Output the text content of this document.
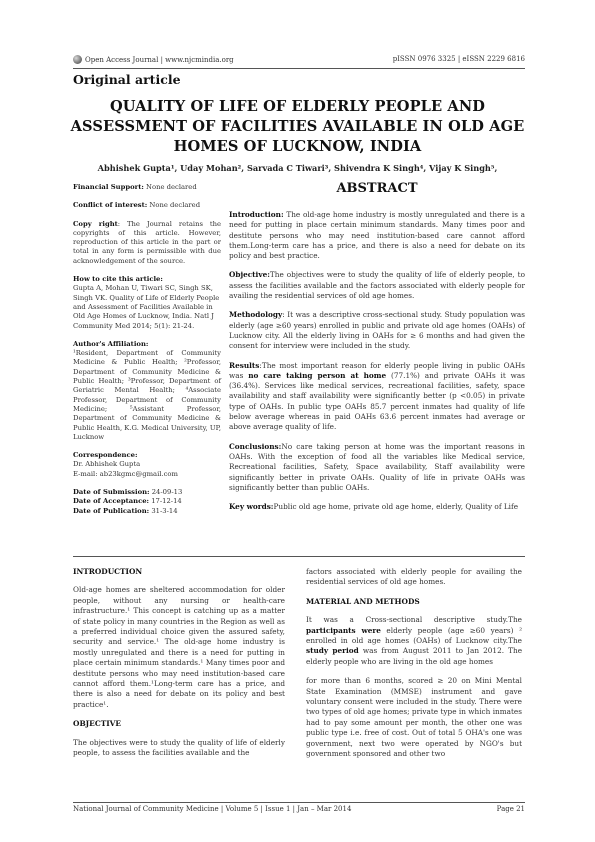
Open Access Journal | www.njcmindia.org	pISSN 0976 3325 | eISSN 2229 6816
Original article
QUALITY OF LIFE OF ELDERLY PEOPLE AND ASSESSMENT OF FACILITIES AVAILABLE IN OLD AGE HOMES OF LUCKNOW, INDIA
Abhishek Gupta¹, Uday Mohan², Sarvada C Tiwari³, Shivendra K Singh⁴, Vijay K Singh⁵,

Financial Support: None declared

Conflict of interest: None declared

Copy right: The Journal retains the copyrights of this article. However, reproduction of this article in the part or total in any form is permissible with due acknowledgement of the source.

How to cite this article:

Gupta A, Mohan U, Tiwari SC, Singh SK, Singh VK. Quality of Life of Elderly People and Assessment of Facilities Available in Old Age Homes of Lucknow, India. Natl J Community Med 2014; 5(1): 21-24.

Author's Affiliation:

¹Resident, Department of Community Medicine & Public Health; ²Professor, Department of Community Medicine & Public Health; ³Professor, Department of Geriatric Mental Health; ⁴Associate Professor, Department of Community Medicine; ⁵Assistant Professor, Department of Community Medicine & Public Health, K.G. Medical University, UP, Lucknow

Correspondence:

Dr. Abhishek Gupta

E-mail: ab23kgmc@gmail.com

Date of Submission: 24-09-13

Date of Acceptance: 17-12-14

Date of Publication: 31-3-14

ABSTRACT

Introduction: The old-age home industry is mostly unregulated and there is a need for putting in place certain minimum standards. Many times poor and destitute persons who may need institution-based care cannot afford them.Long-term care has a price, and there is also a need for debate on its policy and best practice.

Objective:The objectives were to study the quality of life of elderly people, to assess the facilities available and the factors associated with elderly people for availing the residential services of old age homes.

Methodology: It was a descriptive cross-sectional study. Study population was elderly (age ≥60 years) enrolled in public and private old age homes (OAHs) of Lucknow city. All the elderly living in OAHs for ≥ 6 months and had given the consent for interview were included in the study.

Results:The most important reason for elderly people living in public OAHs was no care taking person at home (77.1%) and private OAHs it was (36.4%). Services like medical services, recreational facilities, safety, space availability and staff availability were significantly better (p <0.05) in private type of OAHs. In public type OAHs 85.7 percent inmates had quality of life below average whereas in paid OAHs 63.6 percent inmates had average or above average quality of life.

Conclusions:No care taking person at home was the important reasons in OAHs. With the exception of food all the variables like Medical service, Recreational facilities, Safety, Space availability, Staff availability were significantly better in private OAHs. Quality of life in private OAHs was significantly better than public OAHs.

Key words:Public old age home, private old age home, elderly, Quality of Life

INTRODUCTION

Old-age homes are sheltered accommodation for older people, without any nursing or health-care infrastructure.¹ This concept is catching up as a matter of state policy in many countries in the Region as well as a preferred individual choice given the assured safety, security and service.¹ The old-age home industry is mostly unregulated and there is a need for putting in place certain minimum standards.¹ Many times poor and destitute persons who may need institution-based care cannot afford them.¹Long-term care has a price, and there is also a need for debate on its policy and best practice¹.

OBJECTIVE

The objectives were to study the quality of life of elderly people, to assess the facilities available and the

factors associated with elderly people for availing the residential services of old age homes.

MATERIAL AND METHODS

It was a Cross-sectional descriptive study.The participants were elderly people (age ≥60 years) ² enrolled in old age homes (OAHs) of Lucknow city.The study period was from August 2011 to Jan 2012. The elderly people who are living in the old age homes

for more than 6 months, scored ≥ 20 on Mini Mental State Examination (MMSE) instrument and gave voluntary consent were included in the study. There were two types of old age homes; private type in which inmates had to pay some amount per month, the other one was public type i.e. free of cost. Out of total 5 OHA's one was government, next two were operated by NGO's but government sponsored and other two

National Journal of Community Medicine | Volume 5 | Issue 1 | Jan – Mar 2014	Page 21
